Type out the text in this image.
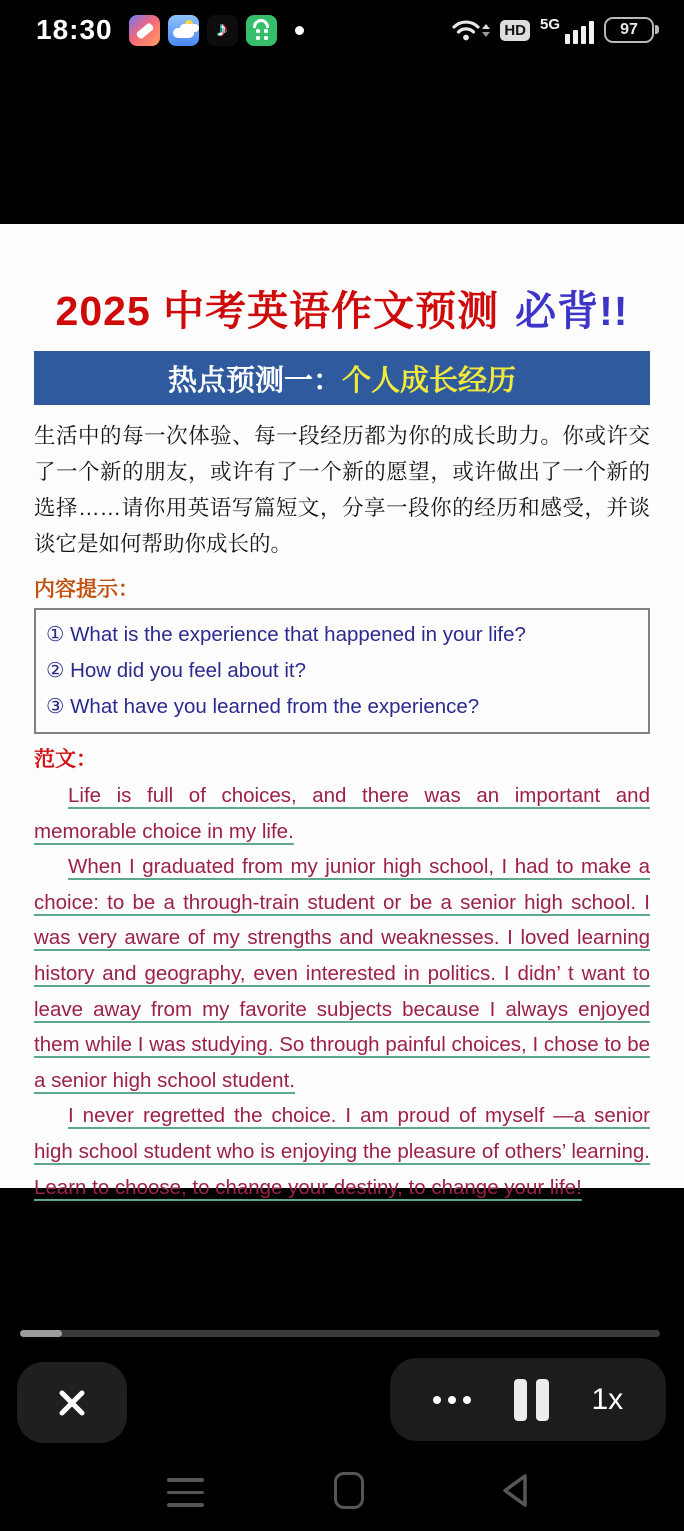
18:30	♪	HD 5G	97
2025 中考英语作文预测 必背!!
热点预测一： 个人成长经历
生活中的每一次体验、每一段经历都为你的成长助力。你或许交了一个新的朋友，或许有了一个新的愿望，或许做出了一个新的选择……请你用英语写篇短文，分享一段你的经历和感受，并谈谈它是如何帮助你成长的。
内容提示：
① What is the experience that happened in your life?
② How did you feel about it?
③ What have you learned from the experience?
范文：

Life is full of choices, and there was an important and memorable choice in my life.

When I graduated from my junior high school, I had to make a choice: to be a through-train student or be a senior high school. I was very aware of my strengths and weaknesses. I loved learning history and geography, even interested in politics. I didn’ t want to leave away from my favorite subjects because I always enjoyed them while I was studying. So through painful choices, I chose to be a senior high school student.

I never regretted the choice. I am proud of myself —a senior high school student who is enjoying the pleasure of others’ learning. Learn to choose, to change your destiny, to change your life!

1x
